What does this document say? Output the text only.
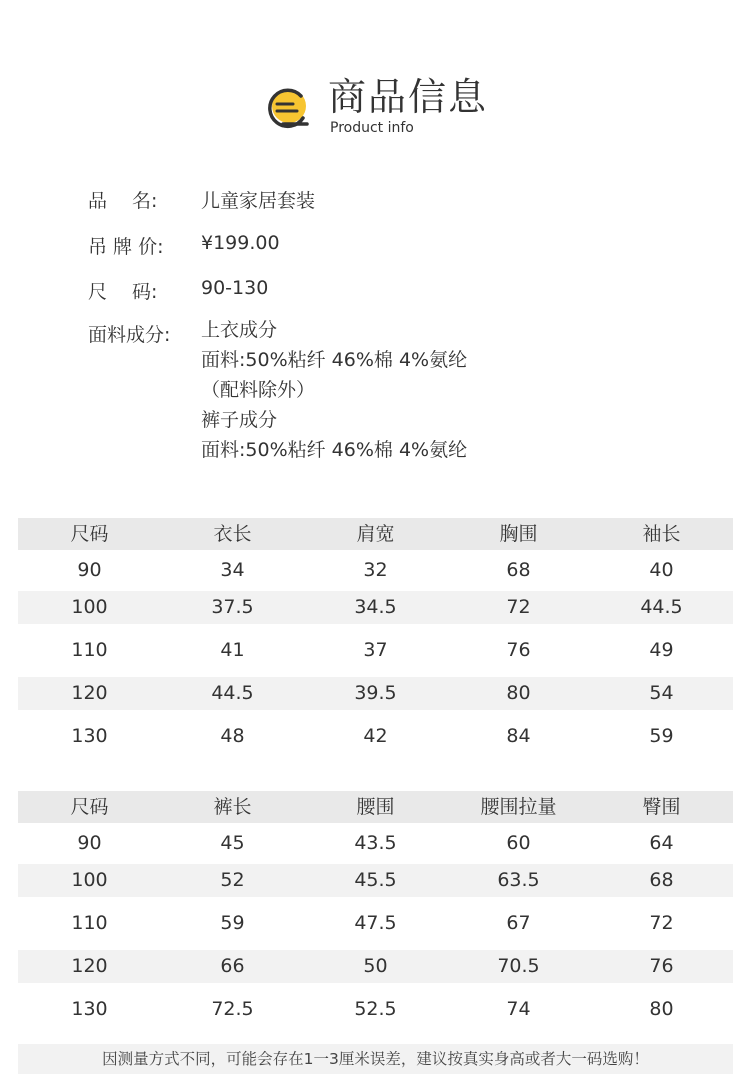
商品信息
Product info
品　 名: 儿童家居套装
吊 牌 价: ¥199.00
尺　 码: 90-130
面料成分: 上衣成分
面料:50%粘纤 46%棉 4%氨纶
（配料除外）
裤子成分
面料:50%粘纤 46%棉 4%氨纶
尺码	衣长	肩宽	胸围	袖长
90	34	32	68	40
100	37.5	34.5	72	44.5
110	41	37	76	49
120	44.5	39.5	80	54
130	48	42	84	59
尺码	裤长	腰围	腰围拉量	臀围
90	45	43.5	60	64
100	52	45.5	63.5	68
110	59	47.5	67	72
120	66	50	70.5	76
130	72.5	52.5	74	80
因测量方式不同，可能会存在1一3厘米误差，建议按真实身高或者大一码选购！
